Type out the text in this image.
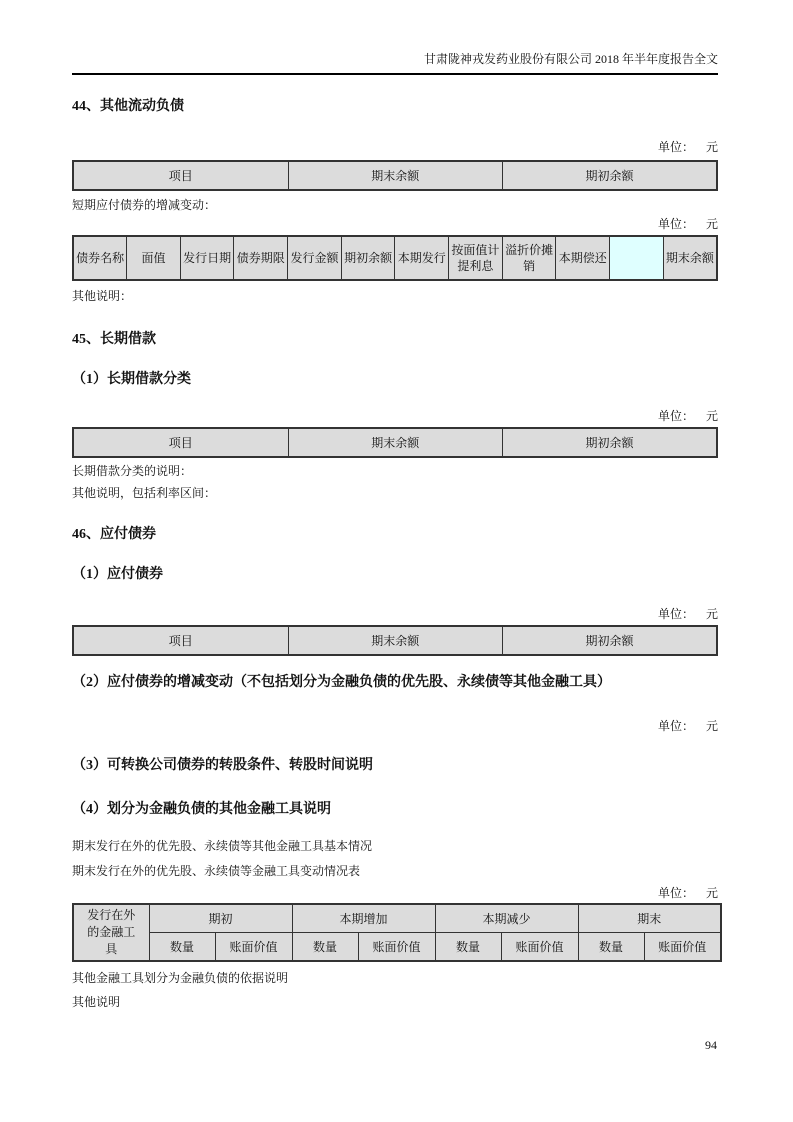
甘肃陇神戎发药业股份有限公司 2018 年半年度报告全文
44、其他流动负债
单位： 元
项目	期末余额	期初余额
短期应付债券的增减变动：
单位： 元
债券名称	面值	发行日期	债券期限	发行金额	期初余额	本期发行	按面值计提利息	溢折价摊销	本期偿还		期末余额
其他说明：
45、长期借款
（1）长期借款分类
单位： 元
项目	期末余额	期初余额
长期借款分类的说明：
其他说明，包括利率区间：
46、应付债券
（1）应付债券
单位： 元
项目	期末余额	期初余额
（2）应付债券的增减变动（不包括划分为金融负债的优先股、永续债等其他金融工具）
单位： 元
（3）可转换公司债券的转股条件、转股时间说明
（4）划分为金融负债的其他金融工具说明
期末发行在外的优先股、永续债等其他金融工具基本情况
期末发行在外的优先股、永续债等金融工具变动情况表
单位： 元
发行在外的金融工具	期初		本期增加		本期减少		期末	
	数量	账面价值	数量	账面价值	数量	账面价值	数量	账面价值
其他金融工具划分为金融负债的依据说明
其他说明
94
